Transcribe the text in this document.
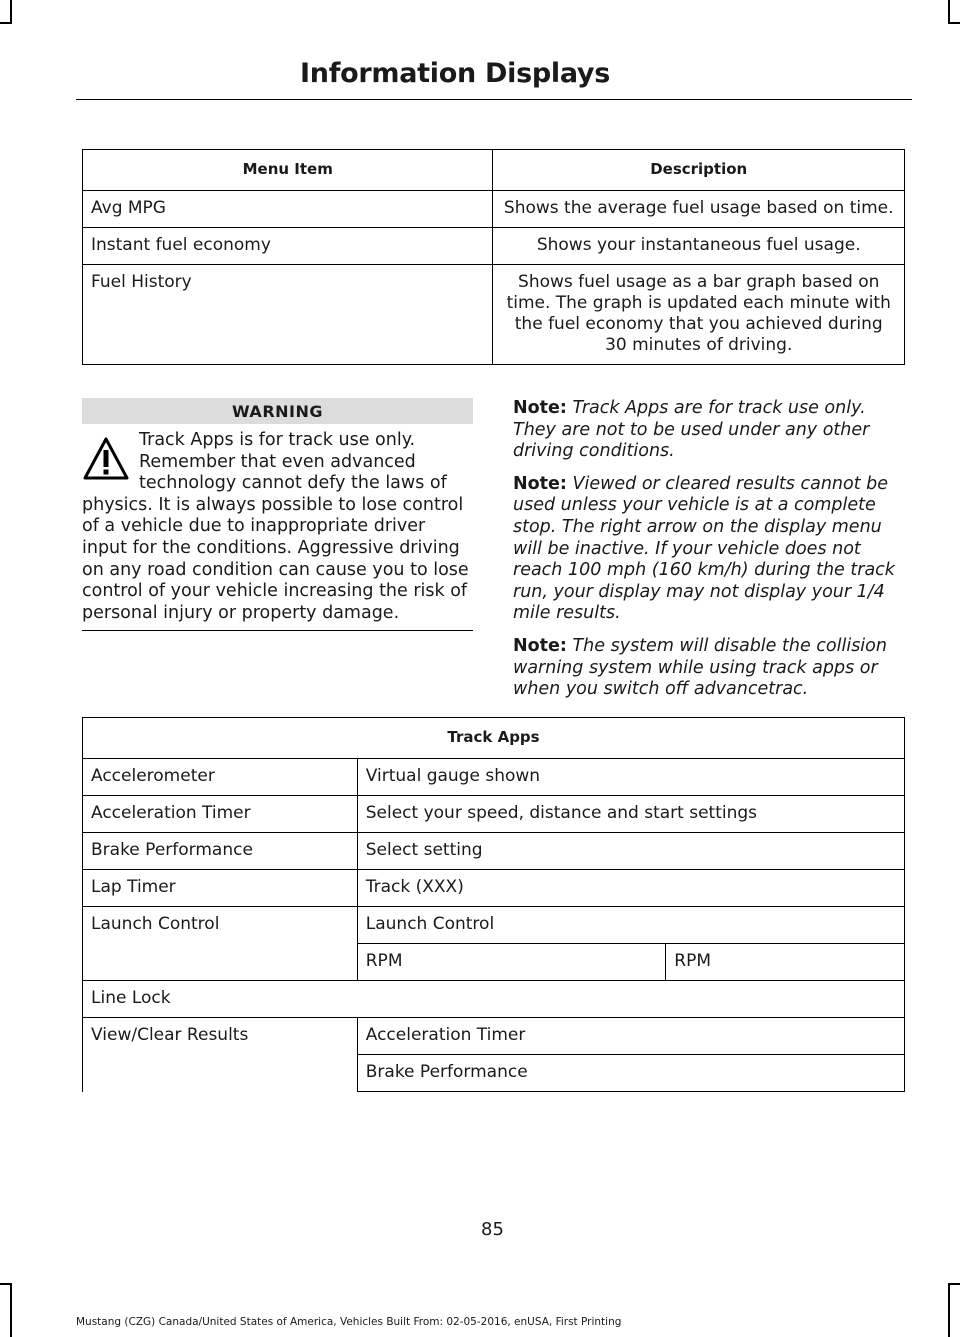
Information Displays
Menu Item	Description
Avg MPG	Shows the average fuel usage based on time.
Instant fuel economy	Shows your instantaneous fuel usage.
Fuel History	Shows fuel usage as a bar graph based on time. The graph is updated each minute with the fuel economy that you achieved during 30 minutes of driving.
WARNING
Track Apps is for track use only. Remember that even advanced technology cannot defy the laws of physics. It is always possible to lose control of a vehicle due to inappropriate driver input for the conditions. Aggressive driving on any road condition can cause you to lose control of your vehicle increasing the risk of personal injury or property damage.

Note: Track Apps are for track use only. They are not to be used under any other driving conditions.

Note: Viewed or cleared results cannot be used unless your vehicle is at a complete stop. The right arrow on the display menu will be inactive. If your vehicle does not reach 100 mph (160 km/h) during the track run, your display may not display your 1/4 mile results.

Note: The system will disable the collision warning system while using track apps or when you switch off advancetrac.

Track Apps		
Accelerometer	Virtual gauge shown	
Acceleration Timer	Select your speed, distance and start settings	
Brake Performance	Select setting	
Lap Timer	Track (XXX)	
Launch Control	Launch Control	
	RPM	RPM
Line Lock		
View/Clear Results	Acceleration Timer	
	Brake Performance	
85
Mustang (CZG) Canada/United States of America, Vehicles Built From: 02-05-2016, enUSA, First Printing
